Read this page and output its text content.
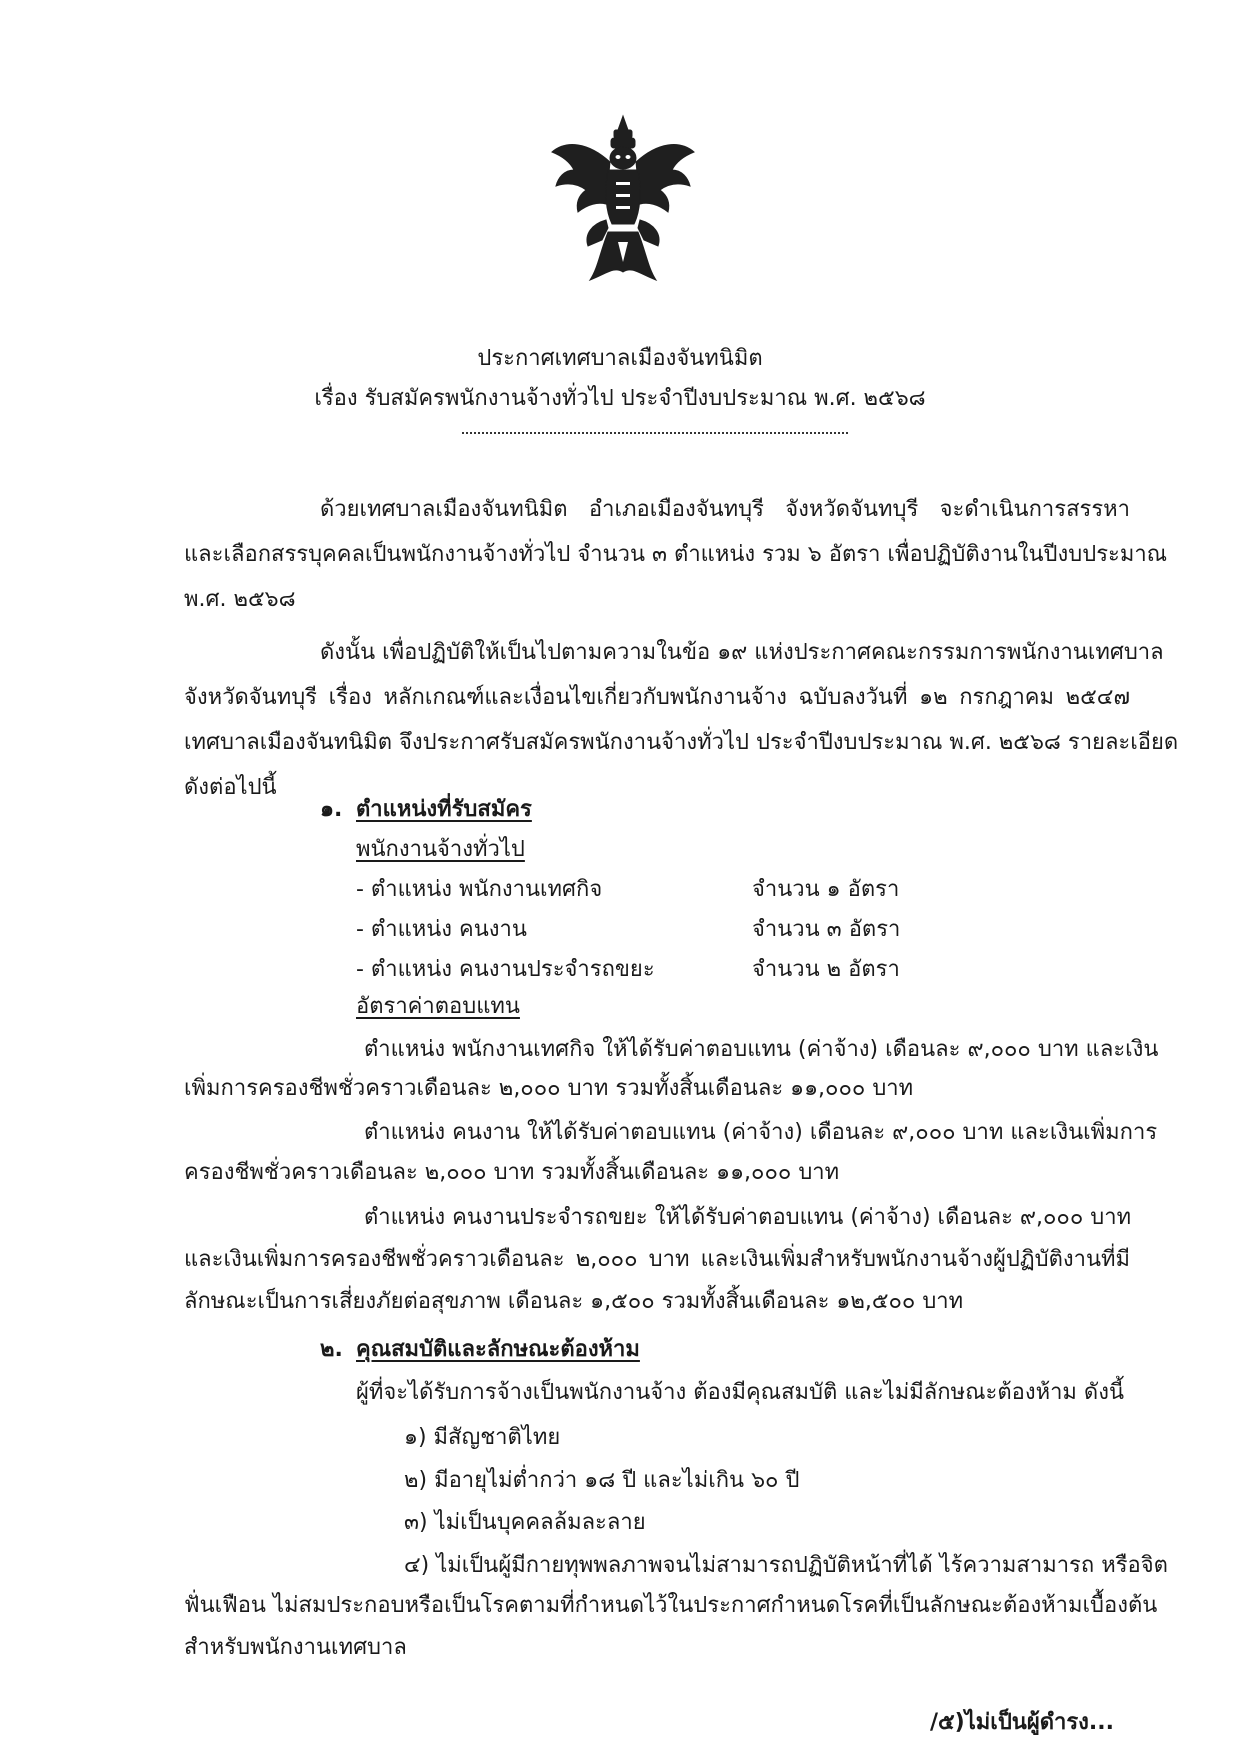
ประกาศเทศบาลเมืองจันทนิมิต
เรื่อง รับสมัครพนักงานจ้างทั่วไป ประจำปีงบประมาณ พ.ศ. ๒๕๖๘
ด้วยเทศบาลเมืองจันทนิมิต อำเภอเมืองจันทบุรี จังหวัดจันทบุรี จะดำเนินการสรรหา
และเลือกสรรบุคคลเป็นพนักงานจ้างทั่วไป จำนวน ๓ ตำแหน่ง รวม ๖ อัตรา เพื่อปฏิบัติงานในปีงบประมาณ
พ.ศ. ๒๕๖๘
ดังนั้น เพื่อปฏิบัติให้เป็นไปตามความในข้อ ๑๙ แห่งประกาศคณะกรรมการพนักงานเทศบาล
จังหวัดจันทบุรี เรื่อง หลักเกณฑ์และเงื่อนไขเกี่ยวกับพนักงานจ้าง ฉบับลงวันที่ ๑๒ กรกฎาคม ๒๕๔๗
เทศบาลเมืองจันทนิมิต จึงประกาศรับสมัครพนักงานจ้างทั่วไป ประจำปีงบประมาณ พ.ศ. ๒๕๖๘ รายละเอียด
ดังต่อไปนี้
๑. ตำแหน่งที่รับสมัคร
พนักงานจ้างทั่วไป
- ตำแหน่ง พนักงานเทศกิจ	จำนวน ๑ อัตรา
- ตำแหน่ง คนงาน	จำนวน ๓ อัตรา
- ตำแหน่ง คนงานประจำรถขยะ	จำนวน ๒ อัตรา
อัตราค่าตอบแทน
ตำแหน่ง พนักงานเทศกิจ ให้ได้รับค่าตอบแทน (ค่าจ้าง) เดือนละ ๙,๐๐๐ บาท และเงิน
เพิ่มการครองชีพชั่วคราวเดือนละ ๒,๐๐๐ บาท รวมทั้งสิ้นเดือนละ ๑๑,๐๐๐ บาท
ตำแหน่ง คนงาน ให้ได้รับค่าตอบแทน (ค่าจ้าง) เดือนละ ๙,๐๐๐ บาท และเงินเพิ่มการ
ครองชีพชั่วคราวเดือนละ ๒,๐๐๐ บาท รวมทั้งสิ้นเดือนละ ๑๑,๐๐๐ บาท
ตำแหน่ง คนงานประจำรถขยะ ให้ได้รับค่าตอบแทน (ค่าจ้าง) เดือนละ ๙,๐๐๐ บาท
และเงินเพิ่มการครองชีพชั่วคราวเดือนละ ๒,๐๐๐ บาท และเงินเพิ่มสำหรับพนักงานจ้างผู้ปฏิบัติงานที่มี
ลักษณะเป็นการเสี่ยงภัยต่อสุขภาพ เดือนละ ๑,๕๐๐ รวมทั้งสิ้นเดือนละ ๑๒,๕๐๐ บาท
๒. คุณสมบัติและลักษณะต้องห้าม
ผู้ที่จะได้รับการจ้างเป็นพนักงานจ้าง ต้องมีคุณสมบัติ และไม่มีลักษณะต้องห้าม ดังนี้
๑) มีสัญชาติไทย
๒) มีอายุไม่ต่ำกว่า ๑๘ ปี และไม่เกิน ๖๐ ปี
๓) ไม่เป็นบุคคลล้มละลาย
๔) ไม่เป็นผู้มีกายทุพพลภาพจนไม่สามารถปฏิบัติหน้าที่ได้ ไร้ความสามารถ หรือจิต
ฟั่นเฟือน ไม่สมประกอบหรือเป็นโรคตามที่กำหนดไว้ในประกาศกำหนดโรคที่เป็นลักษณะต้องห้ามเบื้องต้น
สำหรับพนักงานเทศบาล
/๕)ไม่เป็นผู้ดำรง...
